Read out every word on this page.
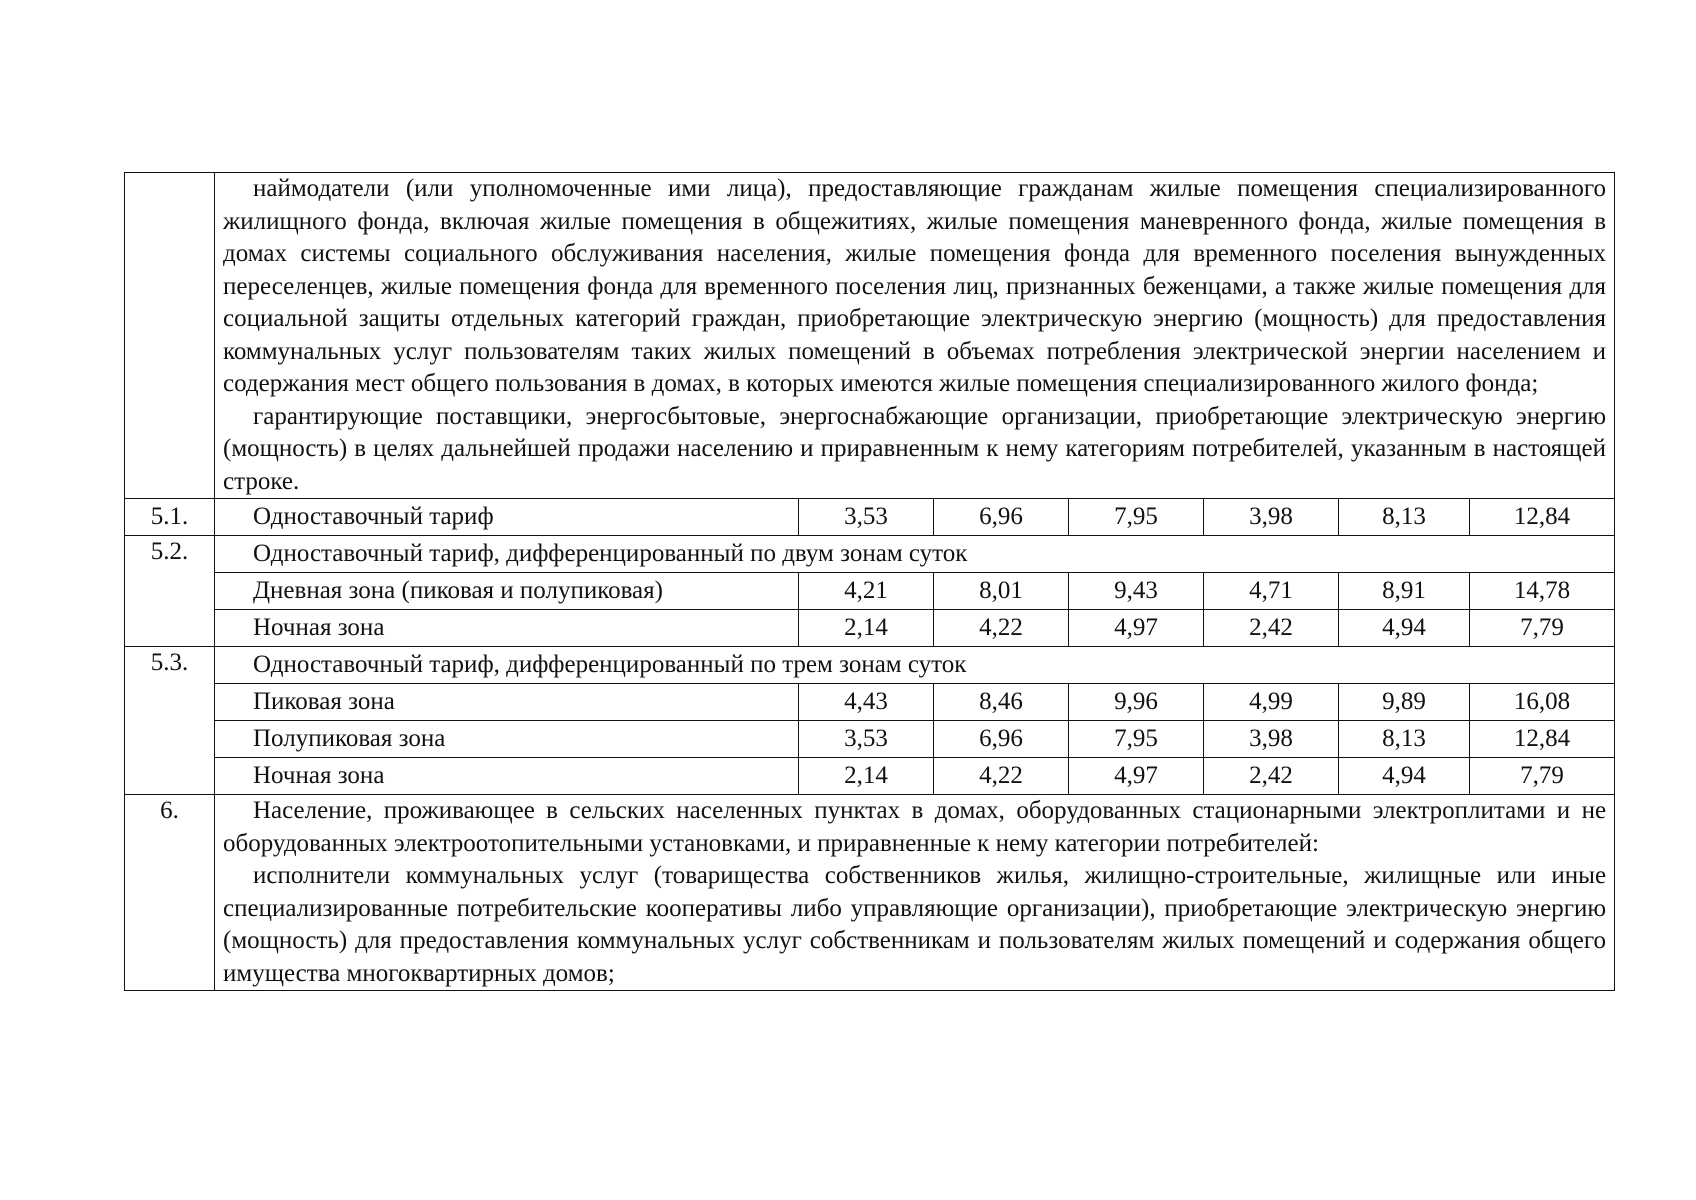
	наймодатели (или уполномоченные ими лица), предоставляющие гражданам жилые помещения специализированного жилищного фонда, включая жилые помещения в общежитиях, жилые помещения маневренного фонда, жилые помещения в домах системы социального обслуживания населения, жилые помещения фонда для временного поселения вынужденных переселенцев, жилые помещения фонда для временного поселения лиц, признанных беженцами, а также жилые помещения для социальной защиты отдельных категорий граждан, приобретающие электрическую энергию (мощность) для предоставления коммунальных услуг пользователям таких жилых помещений в объемах потребления электрической энергии населением и содержания мест общего пользования в домах, в которых имеются жилые помещения специализированного жилого фонда;

гарантирующие поставщики, энергосбытовые, энергоснабжающие организации, приобретающие электрическую энергию (мощность) в целях дальнейшей продажи населению и приравненным к нему категориям потребителей, указанным в настоящей строке.						

5.1.	Одноставочный тариф	3,53	6,96	7,95	3,98	8,13	12,84
5.2.	Одноставочный тариф, дифференцированный по двум зонам суток						
	Дневная зона (пиковая и полупиковая)	4,21	8,01	9,43	4,71	8,91	14,78
	Ночная зона	2,14	4,22	4,97	2,42	4,94	7,79
5.3.	Одноставочный тариф, дифференцированный по трем зонам суток						
	Пиковая зона	4,43	8,46	9,96	4,99	9,89	16,08
	Полупиковая зона	3,53	6,96	7,95	3,98	8,13	12,84
	Ночная зона	2,14	4,22	4,97	2,42	4,94	7,79
6.	Население, проживающее в сельских населенных пунктах в домах, оборудованных стационарными электроплитами и не оборудованных электроотопительными установками, и приравненные к нему категории потребителей:

исполнители коммунальных услуг (товарищества собственников жилья, жилищно-строительные, жилищные или иные специализированные потребительские кооперативы либо управляющие организации), приобретающие электрическую энергию (мощность) для предоставления коммунальных услуг собственникам и пользователям жилых помещений и содержания общего имущества многоквартирных домов;						
